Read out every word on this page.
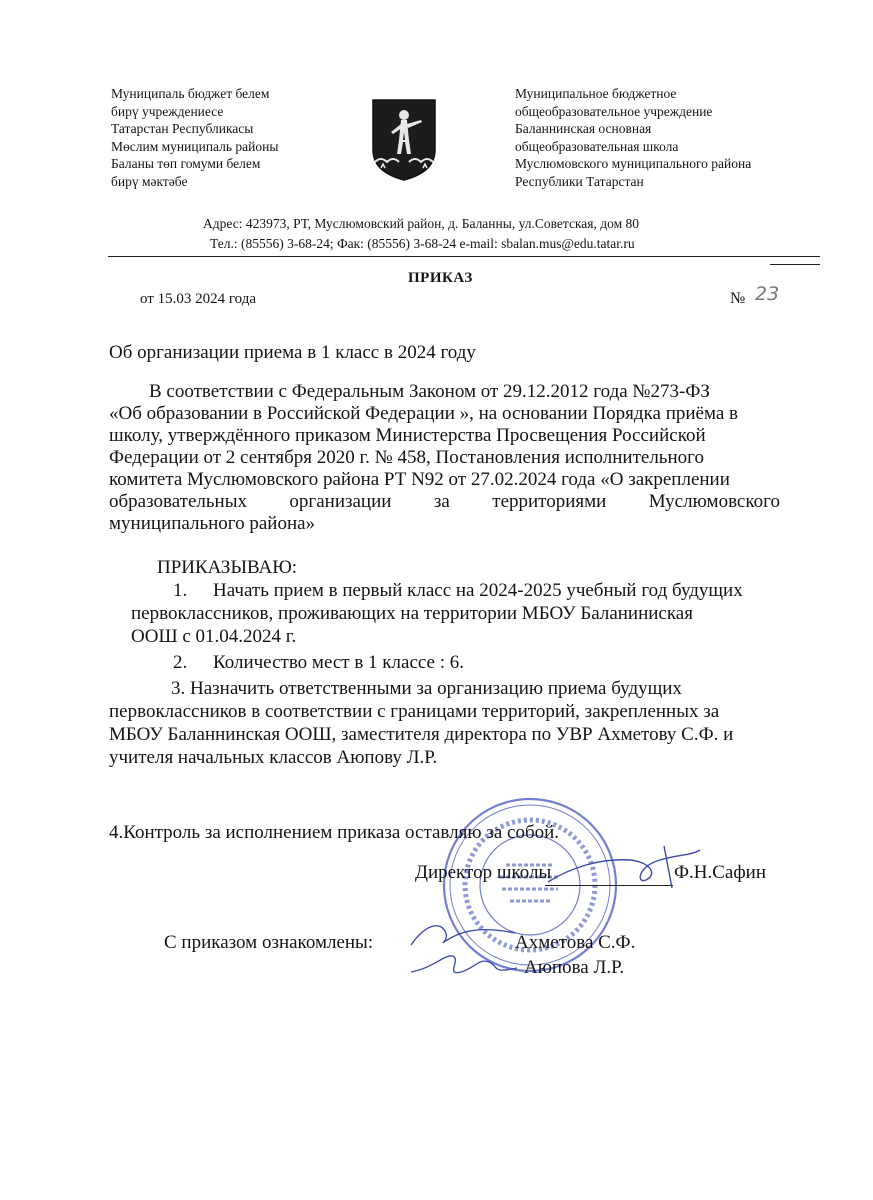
Муниципаль бюджет белем
бирү учреждениесе
Татарстан Республикасы
Мөслим муниципаль районы
Баланы төп гомуми белем
бирү мәктәбе
Муниципальное бюджетное
общеобразовательное учреждение
Баланнинская основная
общеобразовательная школа
Муслюмовского муниципального района
Республики Татарстан
Адрес: 423973, РТ, Муслюмовский район, д. Баланны, ул.Советская, дом 80
Тел.: (85556) 3-68-24; Фак: (85556) 3-68-24 e-mail: sbalan.mus@edu.tatar.ru
ПРИКАЗ
от 15.03 2024 года	№ 23
Об организации приема в 1 класс в 2024 году
В соответствии с Федеральным Законом от 29.12.2012 года №273-ФЗ
«Об образовании в Российской Федерации », на основании Порядка приёма в
школу, утверждённого приказом Министерства Просвещения Российской
Федерации от 2 сентября 2020 г. № 458, Постановления исполнительного
комитета Муслюмовского района РТ N92 от 27.02.2024 года «О закреплении
образовательных организации за территориями Муслюмовского
муниципального района»
ПРИКАЗЫВАЮ:
1. Начать прием в первый класс на 2024-2025 учебный год будущих
первоклассников, проживающих на территории МБОУ Баланиниская
ООШ с 01.04.2024 г.
2. Количество мест в 1 классе : 6.
3. Назначить ответственными за организацию приема будущих
первоклассников в соответствии с границами территорий, закрепленных за
МБОУ Баланнинская ООШ, заместителя директора по УВР Ахметову С.Ф. и
учителя начальных классов Аюпову Л.Р.
4.Контроль за исполнением приказа оставляю за собой.
Директор школы	Ф.Н.Сафин
С приказом ознакомлены:	Ахметова С.Ф.
Аюпова Л.Р.
